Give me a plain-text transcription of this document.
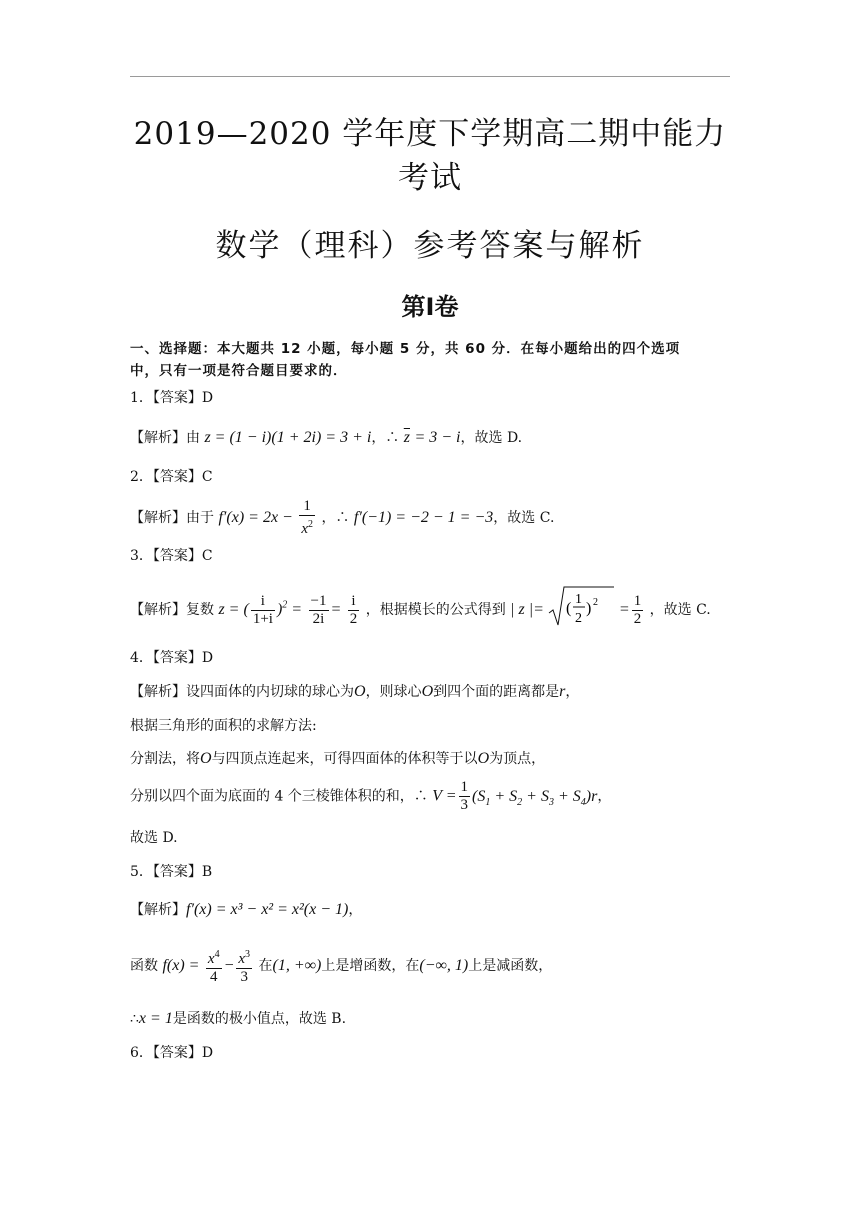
2019—2020 学年度下学期高二期中能力
考试
数学（理科）参考答案与解析
第Ⅰ卷
一、选择题：本大题共 12 小题，每小题 5 分，共 60 分．在每小题给出的四个选项
中，只有一项是符合题目要求的．
1．【答案】D
【解析】由 z = (1 − i)(1 + 2i) = 3 + i，∴ $\overline{z} = 3 - i$，故选 D.
2．【答案】C
【解析】由于 $f'(x) = 2x - \frac{1}{x^2}$ ，∴ f′(−1) = −2 − 1 = −3，故选 C.
3．【答案】C
【解析】复数 z = ( $\frac{i}{1+i} )^2 = \frac{-1}{2i} = \frac{i}{2}$ ，根据模长的公式得到 | z |= (
1
2
) $2 = \frac{1}{2}$ ，故选 C.
4．【答案】D
【解析】设四面体的内切球的球心为O，则球心O到四个面的距离都是r，
根据三角形的面积的求解方法:
分割法，将O与四顶点连起来，可得四面体的体积等于以O为顶点，
分别以四个面为底面的 4 个三棱锥体积的和，∴ $V = \frac{1}{3} (S_1 + S_2 + S_3 + S_4)r$，
故选 D.
5．【答案】B
【解析】f′(x) = x³ − x² = x²(x − 1)，
函数 $f(x) = \frac{x^4}{4} - \frac{x^3}{3}$ 在(1, +∞)上是增函数，在(−∞, 1)上是减函数，
∴x = 1是函数的极小值点，故选 B.
6．【答案】D
